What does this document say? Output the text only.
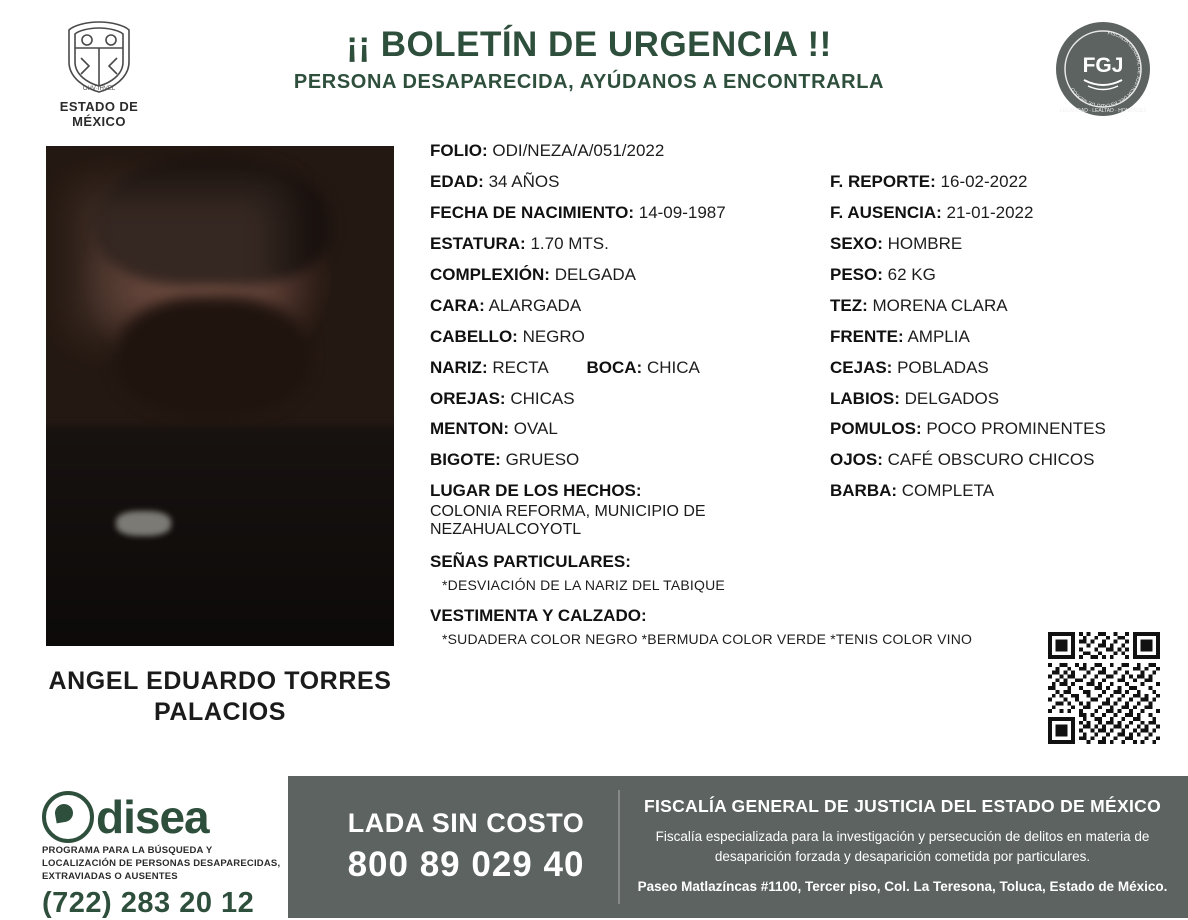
OHV·IHVEL
ESTADO DE MÉXICO
¡¡ BOLETÍN DE URGENCIA !!
PERSONA DESAPARECIDA, AYÚDANOS A ENCONTRARLA
FGJ
FISCALÍA GENERAL DE JUSTICIA DEL ESTADO DE MÉXICO
LEGALIDAD · LEALTAD · HONRADEZ
ANGEL EDUARDO TORRES PALACIOS
FOLIO: ODI/NEZA/A/051/2022
EDAD: 34 AÑOS	F. REPORTE: 16-02-2022
FECHA DE NACIMIENTO: 14-09-1987	F. AUSENCIA: 21-01-2022
ESTATURA: 1.70 MTS.	SEXO: HOMBRE
COMPLEXIÓN: DELGADA	PESO: 62 KG
CARA: ALARGADA	TEZ: MORENA CLARA
CABELLO: NEGRO	FRENTE: AMPLIA
NARIZ: RECTA BOCA: CHICA	CEJAS: POBLADAS
OREJAS: CHICAS	LABIOS: DELGADOS
MENTON: OVAL	POMULOS: POCO PROMINENTES
BIGOTE: GRUESO	OJOS: CAFÉ OBSCURO CHICOS
LUGAR DE LOS HECHOS:
COLONIA REFORMA, MUNICIPIO DE NEZAHUALCOYOTL
BARBA: COMPLETA
SEÑAS PARTICULARES:
*DESVIACIÓN DE LA NARIZ DEL TABIQUE
VESTIMENTA Y CALZADO:
*SUDADERA COLOR NEGRO *BERMUDA COLOR VERDE *TENIS COLOR VINO
disea
PROGRAMA PARA LA BÚSQUEDA Y LOCALIZACIÓN DE PERSONAS DESAPARECIDAS, EXTRAVIADAS O AUSENTES
(722) 283 20 12
LADA SIN COSTO
800 89 029 40
FISCALÍA GENERAL DE JUSTICIA DEL ESTADO DE MÉXICO
Fiscalía especializada para la investigación y persecución de delitos en materia de desaparición forzada y desaparición cometida por particulares.
Paseo Matlazíncas #1100, Tercer piso, Col. La Teresona, Toluca, Estado de México.
